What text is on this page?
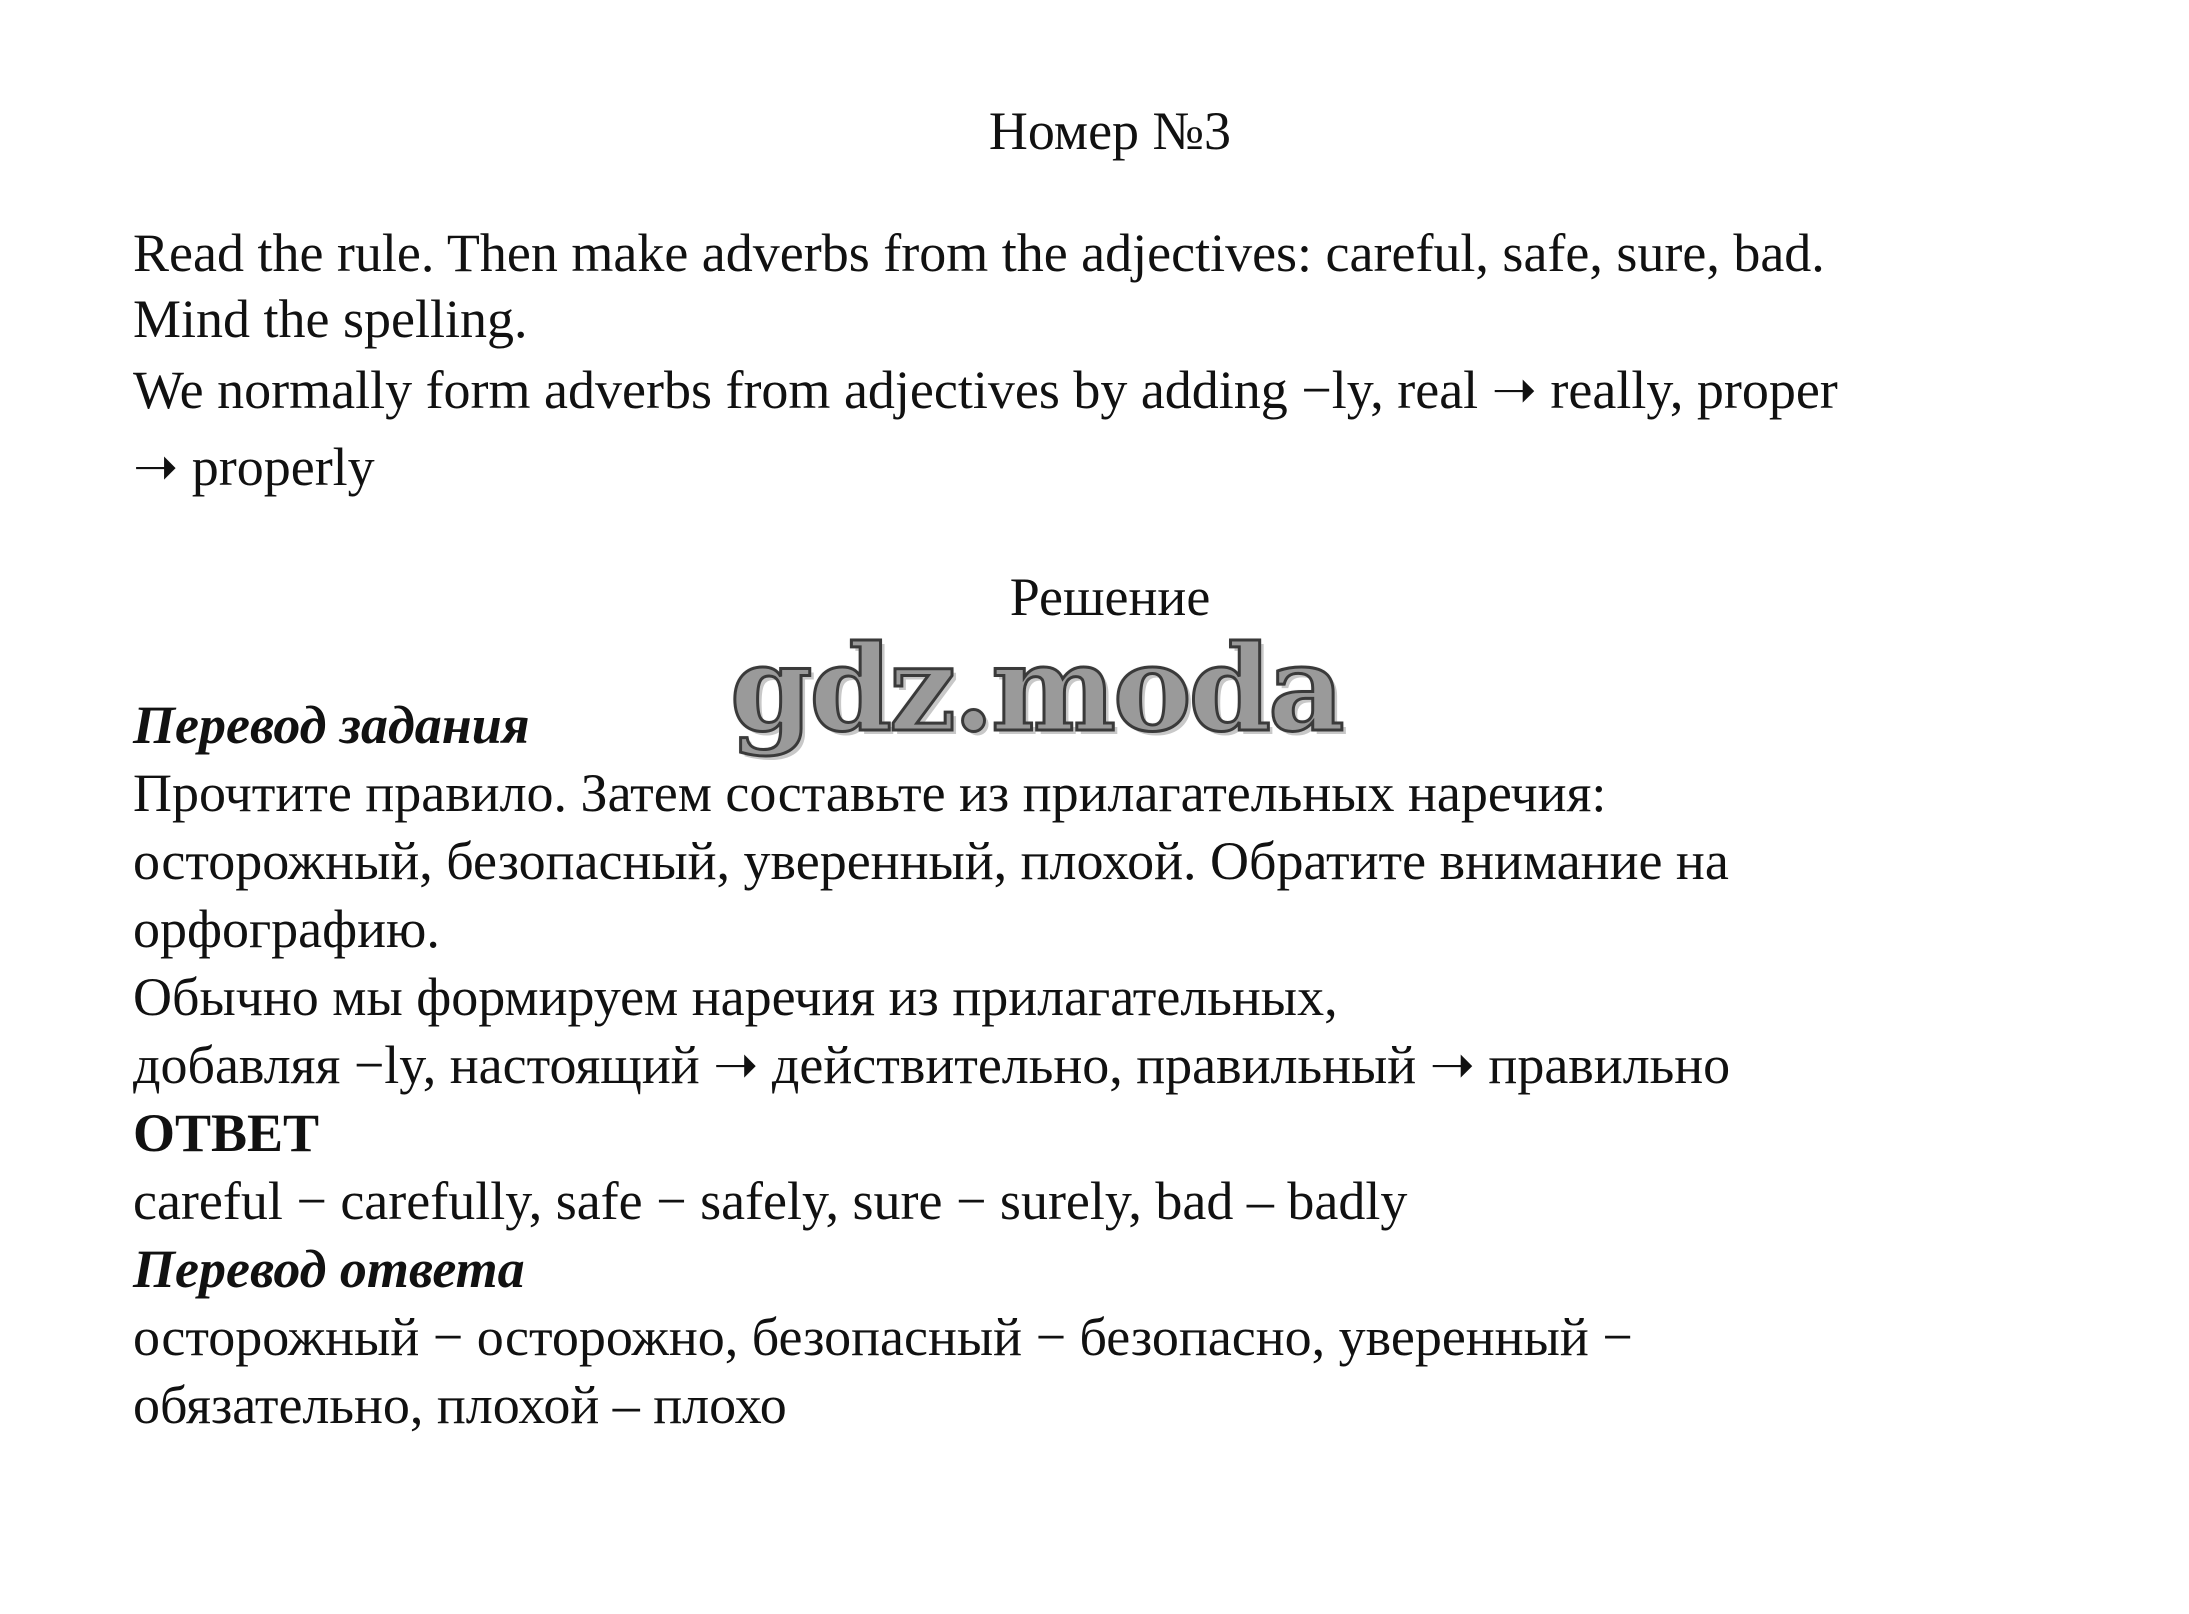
Номер №3
Read the rule. Then make adverbs from the adjectives: careful, safe, sure, bad.
Mind the spelling.
We normally form adverbs from adjectives by adding −ly, real ➝ really, proper
➝ properly
Решение
gdz.moda
Перевод задания
Прочтите правило. Затем составьте из прилагательных наречия:
осторожный, безопасный, уверенный, плохой. Обратите внимание на
орфографию.
Обычно мы формируем наречия из прилагательных,
добавляя −ly, настоящий ➝ действительно, правильный ➝ правильно
ОТВЕТ
careful − carefully, safe − safely, sure − surely, bad – badly
Перевод ответа
осторожный − осторожно, безопасный − безопасно, уверенный −
обязательно, плохой – плохо
